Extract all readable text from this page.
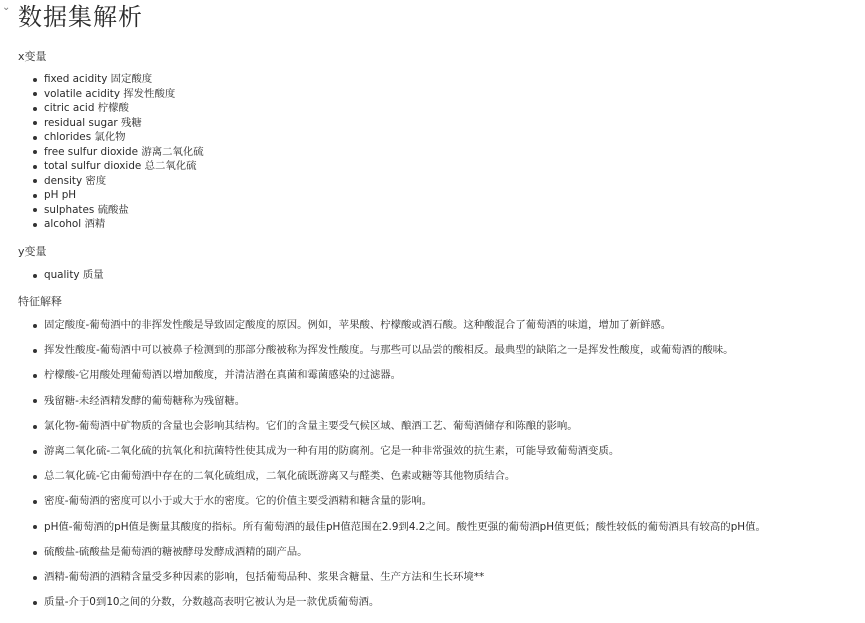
⌄ 数据集解析

x变量

fixed acidity 固定酸度
volatile acidity 挥发性酸度
citric acid 柠檬酸
residual sugar 残糖
chlorides 氯化物
free sulfur dioxide 游离二氧化硫
total sulfur dioxide 总二氧化硫
density 密度
pH pH
sulphates 硫酸盐
alcohol 酒精

y变量

quality 质量

特征解释

固定酸度-葡萄酒中的非挥发性酸是导致固定酸度的原因。例如，苹果酸、柠檬酸或酒石酸。这种酸混合了葡萄酒的味道，增加了新鲜感。
挥发性酸度-葡萄酒中可以被鼻子检测到的那部分酸被称为挥发性酸度。与那些可以品尝的酸相反。最典型的缺陷之一是挥发性酸度，或葡萄酒的酸味。
柠檬酸-它用酸处理葡萄酒以增加酸度，并清洁潜在真菌和霉菌感染的过滤器。
残留糖-未经酒精发酵的葡萄糖称为残留糖。
氯化物-葡萄酒中矿物质的含量也会影响其结构。它们的含量主要受气候区域、酿酒工艺、葡萄酒储存和陈酿的影响。
游离二氧化硫-二氧化硫的抗氧化和抗菌特性使其成为一种有用的防腐剂。它是一种非常强效的抗生素，可能导致葡萄酒变质。
总二氧化硫-它由葡萄酒中存在的二氧化硫组成，二氧化硫既游离又与醛类、色素或糖等其他物质结合。
密度-葡萄酒的密度可以小于或大于水的密度。它的价值主要受酒精和糖含量的影响。
pH值-葡萄酒的pH值是衡量其酸度的指标。所有葡萄酒的最佳pH值范围在2.9到4.2之间。酸性更强的葡萄酒pH值更低；酸性较低的葡萄酒具有较高的pH值。
硫酸盐-硫酸盐是葡萄酒的糖被酵母发酵成酒精的副产品。
酒精-葡萄酒的酒精含量受多种因素的影响，包括葡萄品种、浆果含糖量、生产方法和生长环境**
质量-介于0到10之间的分数，分数越高表明它被认为是一款优质葡萄酒。
